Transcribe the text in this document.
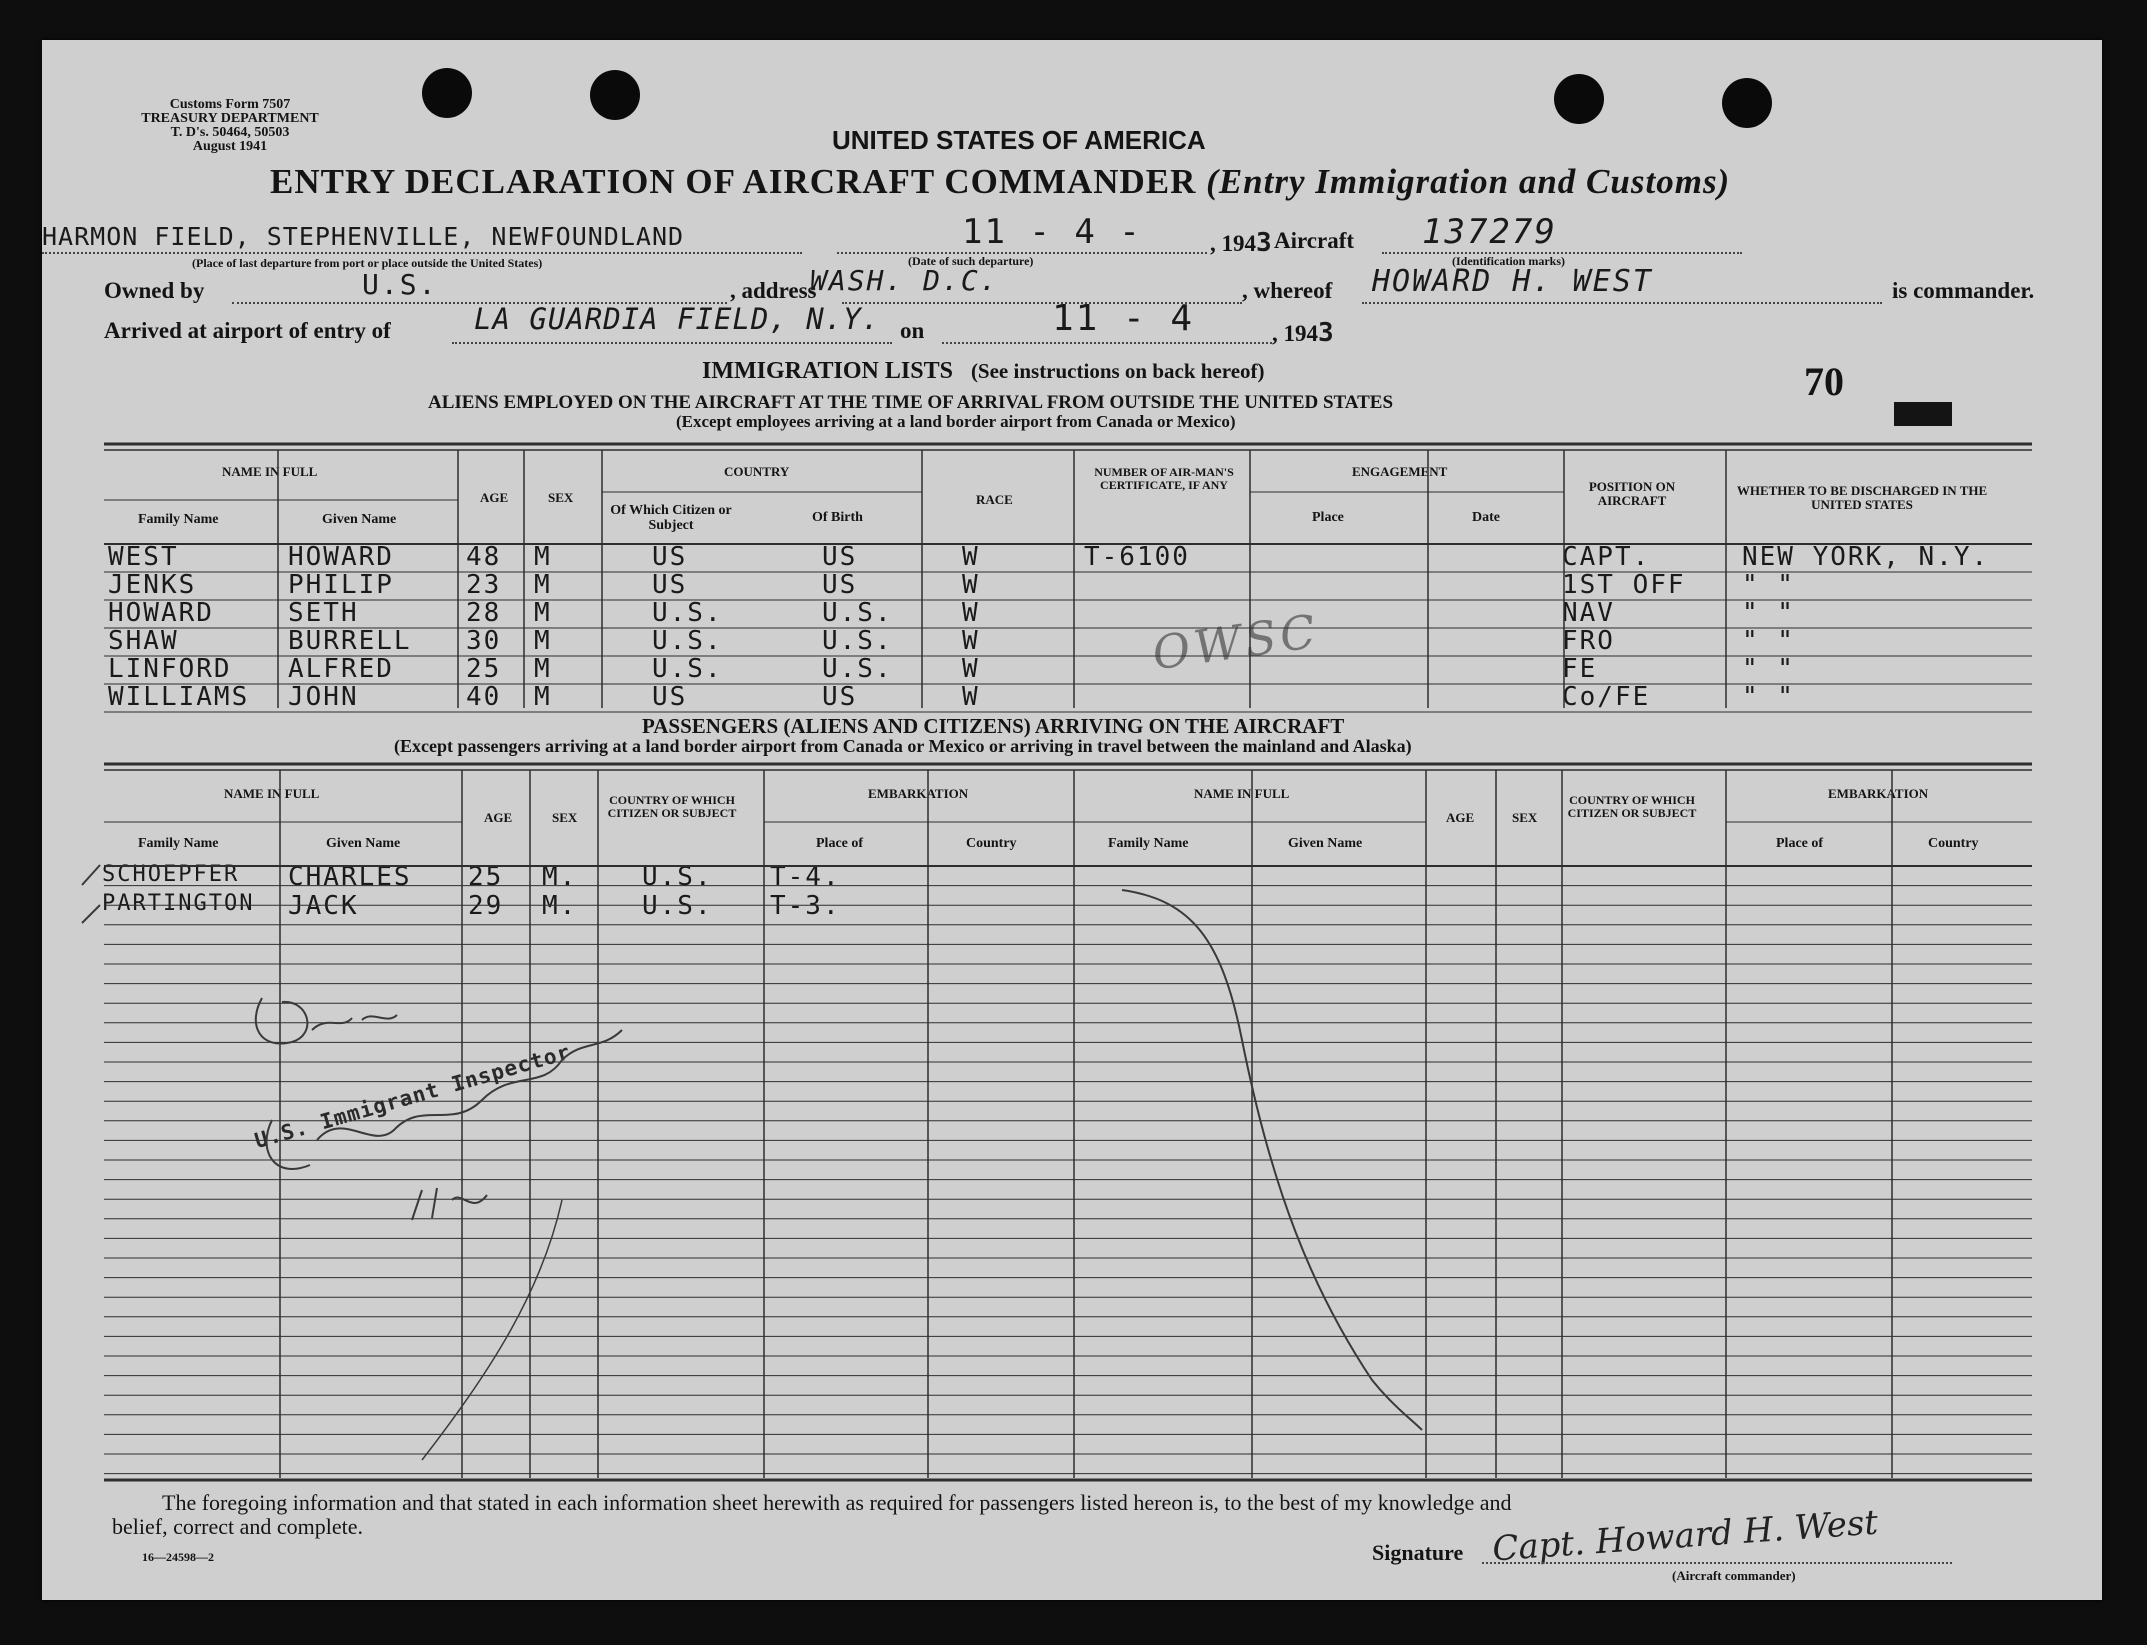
Customs Form 7507
TREASURY DEPARTMENT
T. D's. 50464, 50503
August 1941	UNITED STATES OF AMERICA
ENTRY DECLARATION OF AIRCRAFT COMMANDER (Entry Immigration and Customs)
HARMON FIELD, STEPHENVILLE, NEWFOUNDLAND
(Place of last departure from port or place outside the United States)
11 - 4 -
(Date of such departure)
, 1943 Aircraft 137279
(Identification marks)
Owned by	U.S.	, address
WASH. D.C.	, whereof HOWARD H. WEST	is commander.
Arrived at airport of entry of	LA GUARDIA FIELD, N.Y. on	11 - 4	, 1943
IMMIGRATION LISTS (See instructions on back hereof)
ALIENS EMPLOYED ON THE AIRCRAFT AT THE TIME OF ARRIVAL FROM OUTSIDE THE UNITED STATES
(Except employees arriving at a land border airport from Canada or Mexico)
70
NAME IN FULL
Family Name	Given Name
AGE	SEX
COUNTRY
Of Which Citizen or Subject
Of Birth
RACE
NUMBER OF AIR-MAN'S CERTIFICATE, IF ANY
ENGAGEMENT
Place	Date
POSITION ON AIRCRAFT
WHETHER TO BE DISCHARGED IN THE UNITED STATES
WEST	HOWARD	48 M	US	US	W	T-6100	CAPT.	NEW YORK, N.Y.
JENKS	PHILIP	23 M	US	US	W	1ST OFF " "
HOWARD	SETH	28 M	U.S.	U.S.	W	NAV	" "
SHAW	BURRELL 30 M	U.S.	U.S.	W	FRO	" "
LINFORD ALFRED	25 M	U.S.	U.S.	W	FE	" "
WILLIAMS JOHN	40 M	US	US	W	Co/FE	" "
OWSC
PASSENGERS (ALIENS AND CITIZENS) ARRIVING ON THE AIRCRAFT
(Except passengers arriving at a land border airport from Canada or Mexico or arriving in travel between the mainland and Alaska)
NAME IN FULL
Family Name	Given Name
AGE	SEX
COUNTRY OF WHICH CITIZEN OR SUBJECT
EMBARKATION
Place of	Country
NAME IN FULL
Family Name	Given Name
AGE	SEX
COUNTRY OF WHICH CITIZEN OR SUBJECT
EMBARKATION
Place of	Country
SCHOEPFER CHARLES 25 M. U.S. T-4.
PARTINGTON JACK	29 M. U.S. T-3.
U.S. Immigrant Inspector
The foregoing information and that stated in each information sheet herewith as required for passengers listed hereon is, to the best of my knowledge and
belief, correct and complete.
16—24598—2	Signature Capt. Howard H. West
(Aircraft commander)
